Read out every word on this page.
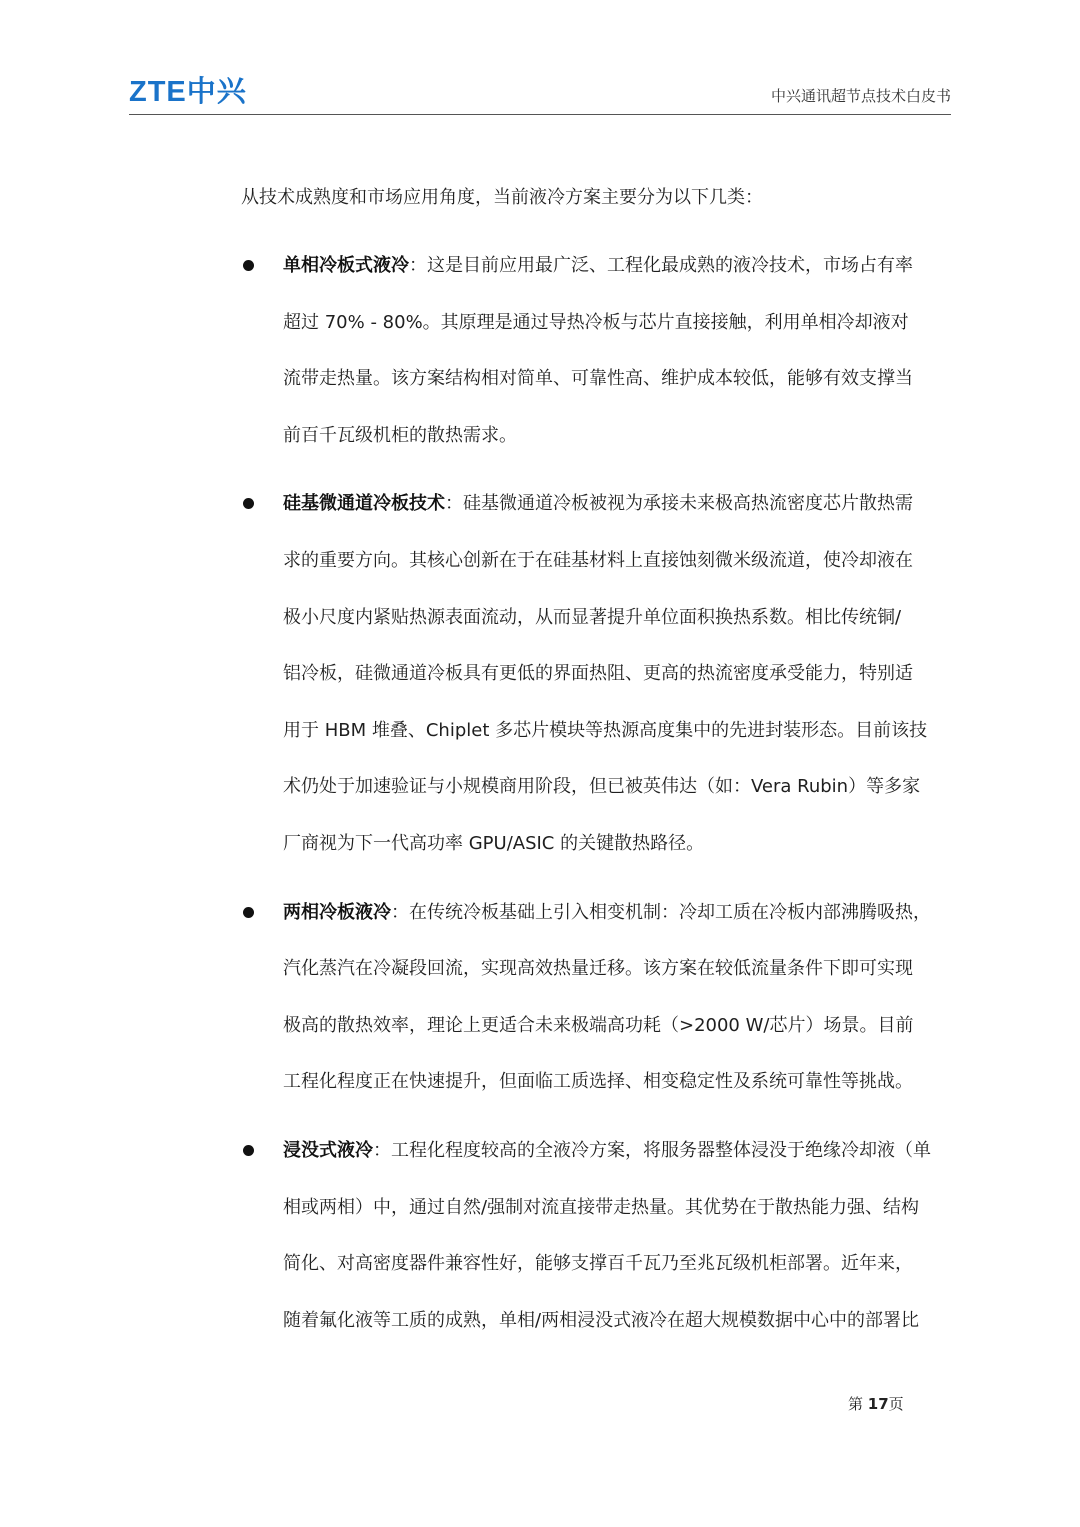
ZTE中兴	中兴通讯超节点技术白皮书
从技术成熟度和市场应用角度，当前液冷方案主要分为以下几类：
单相冷板式液冷：这是目前应用最广泛、工程化最成熟的液冷技术，市场占有率
超过 70% - 80%。其原理是通过导热冷板与芯片直接接触，利用单相冷却液对
流带走热量。该方案结构相对简单、可靠性高、维护成本较低，能够有效支撑当
前百千瓦级机柜的散热需求。
硅基微通道冷板技术：硅基微通道冷板被视为承接未来极高热流密度芯片散热需
求的重要方向。其核心创新在于在硅基材料上直接蚀刻微米级流道，使冷却液在
极小尺度内紧贴热源表面流动，从而显著提升单位面积换热系数。相比传统铜/
铝冷板，硅微通道冷板具有更低的界面热阻、更高的热流密度承受能力，特别适
用于 HBM 堆叠、Chiplet 多芯片模块等热源高度集中的先进封装形态。目前该技
术仍处于加速验证与小规模商用阶段，但已被英伟达（如：Vera Rubin）等多家
厂商视为下一代高功率 GPU/ASIC 的关键散热路径。
两相冷板液冷：在传统冷板基础上引入相变机制：冷却工质在冷板内部沸腾吸热，
汽化蒸汽在冷凝段回流，实现高效热量迁移。该方案在较低流量条件下即可实现
极高的散热效率，理论上更适合未来极端高功耗（>2000 W/芯片）场景。目前
工程化程度正在快速提升，但面临工质选择、相变稳定性及系统可靠性等挑战。
浸没式液冷：工程化程度较高的全液冷方案，将服务器整体浸没于绝缘冷却液（单
相或两相）中，通过自然/强制对流直接带走热量。其优势在于散热能力强、结构
简化、对高密度器件兼容性好，能够支撑百千瓦乃至兆瓦级机柜部署。近年来，
随着氟化液等工质的成熟，单相/两相浸没式液冷在超大规模数据中心中的部署比
第 17页
